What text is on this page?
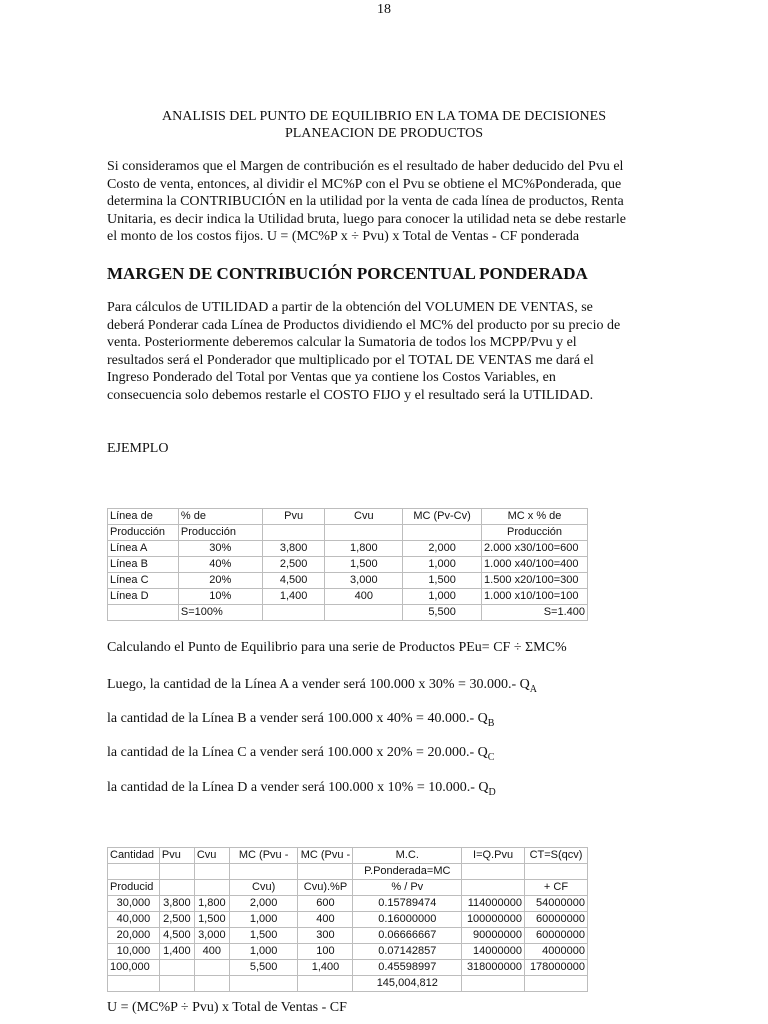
18
ANALISIS DEL PUNTO DE EQUILIBRIO EN LA TOMA DE DECISIONES
PLANEACION DE PRODUCTOS

Si consideramos que el Margen de contribución es el resultado de haber deducido del Pvu el

Costo de venta, entonces, al dividir el MC%P con el Pvu se obtiene el MC%Ponderada, que

determina la CONTRIBUCIÓN en la utilidad por la venta de cada línea de productos, Renta

Unitaria, es decir indica la Utilidad bruta, luego para conocer la utilidad neta se debe restarle

el monto de los costos fijos. U = (MC%P x ÷ Pvu) x Total de Ventas - CF ponderada

MARGEN DE CONTRIBUCIÓN PORCENTUAL PONDERADA

Para cálculos de UTILIDAD a partir de la obtención del VOLUMEN DE VENTAS, se

deberá Ponderar cada Línea de Productos dividiendo el MC% del producto por su precio de

venta. Posteriormente deberemos calcular la Sumatoria de todos los MCPP/Pvu y el

resultados será el Ponderador que multiplicado por el TOTAL DE VENTAS me dará el

Ingreso Ponderado del Total por Ventas que ya contiene los Costos Variables, en

consecuencia solo debemos restarle el COSTO FIJO y el resultado será la UTILIDAD.

EJEMPLO
Línea de	% de	Pvu	Cvu	MC (Pv-Cv)	MC x % de
Producción	Producción				Producción
Línea A	30%	3,800	1,800	2,000	2.000 x30/100=600
Línea B	40%	2,500	1,500	1,000	1.000 x40/100=400
Línea C	20%	4,500	3,000	1,500	1.500 x20/100=300
Línea D	10%	1,400	400	1,000	1.000 x10/100=100
	S=100%			5,500	S=1.400
Calculando el Punto de Equilibrio para una serie de Productos PEu= CF ÷ ΣMC%
Luego, la cantidad de la Línea A a vender será 100.000 x 30% = 30.000.- $Q_A$
la cantidad de la Línea B a vender será 100.000 x 40% = 40.000.- $Q_B$
la cantidad de la Línea C a vender será 100.000 x 20% = 20.000.- $Q_C$
la cantidad de la Línea D a vender será 100.000 x 10% = 10.000.- $Q_D$
Cantidad	Pvu	Cvu	MC (Pvu -	MC (Pvu -	M.C.	I=Q.Pvu	CT=S(qcv)
					P.Ponderada=MC		
Producid			Cvu)	Cvu).%P	% / Pv		+ CF
30,000	3,800	1,800	2,000	600	0.15789474	114000000	54000000
40,000	2,500	1,500	1,000	400	0.16000000	100000000	60000000
20,000	4,500	3,000	1,500	300	0.06666667	90000000	60000000
10,000	1,400	400	1,000	100	0.07142857	14000000	4000000
100,000			5,500	1,400	0.45598997	318000000	178000000
					145,004,812		
U = (MC%P ÷ Pvu) x Total de Ventas - CF
